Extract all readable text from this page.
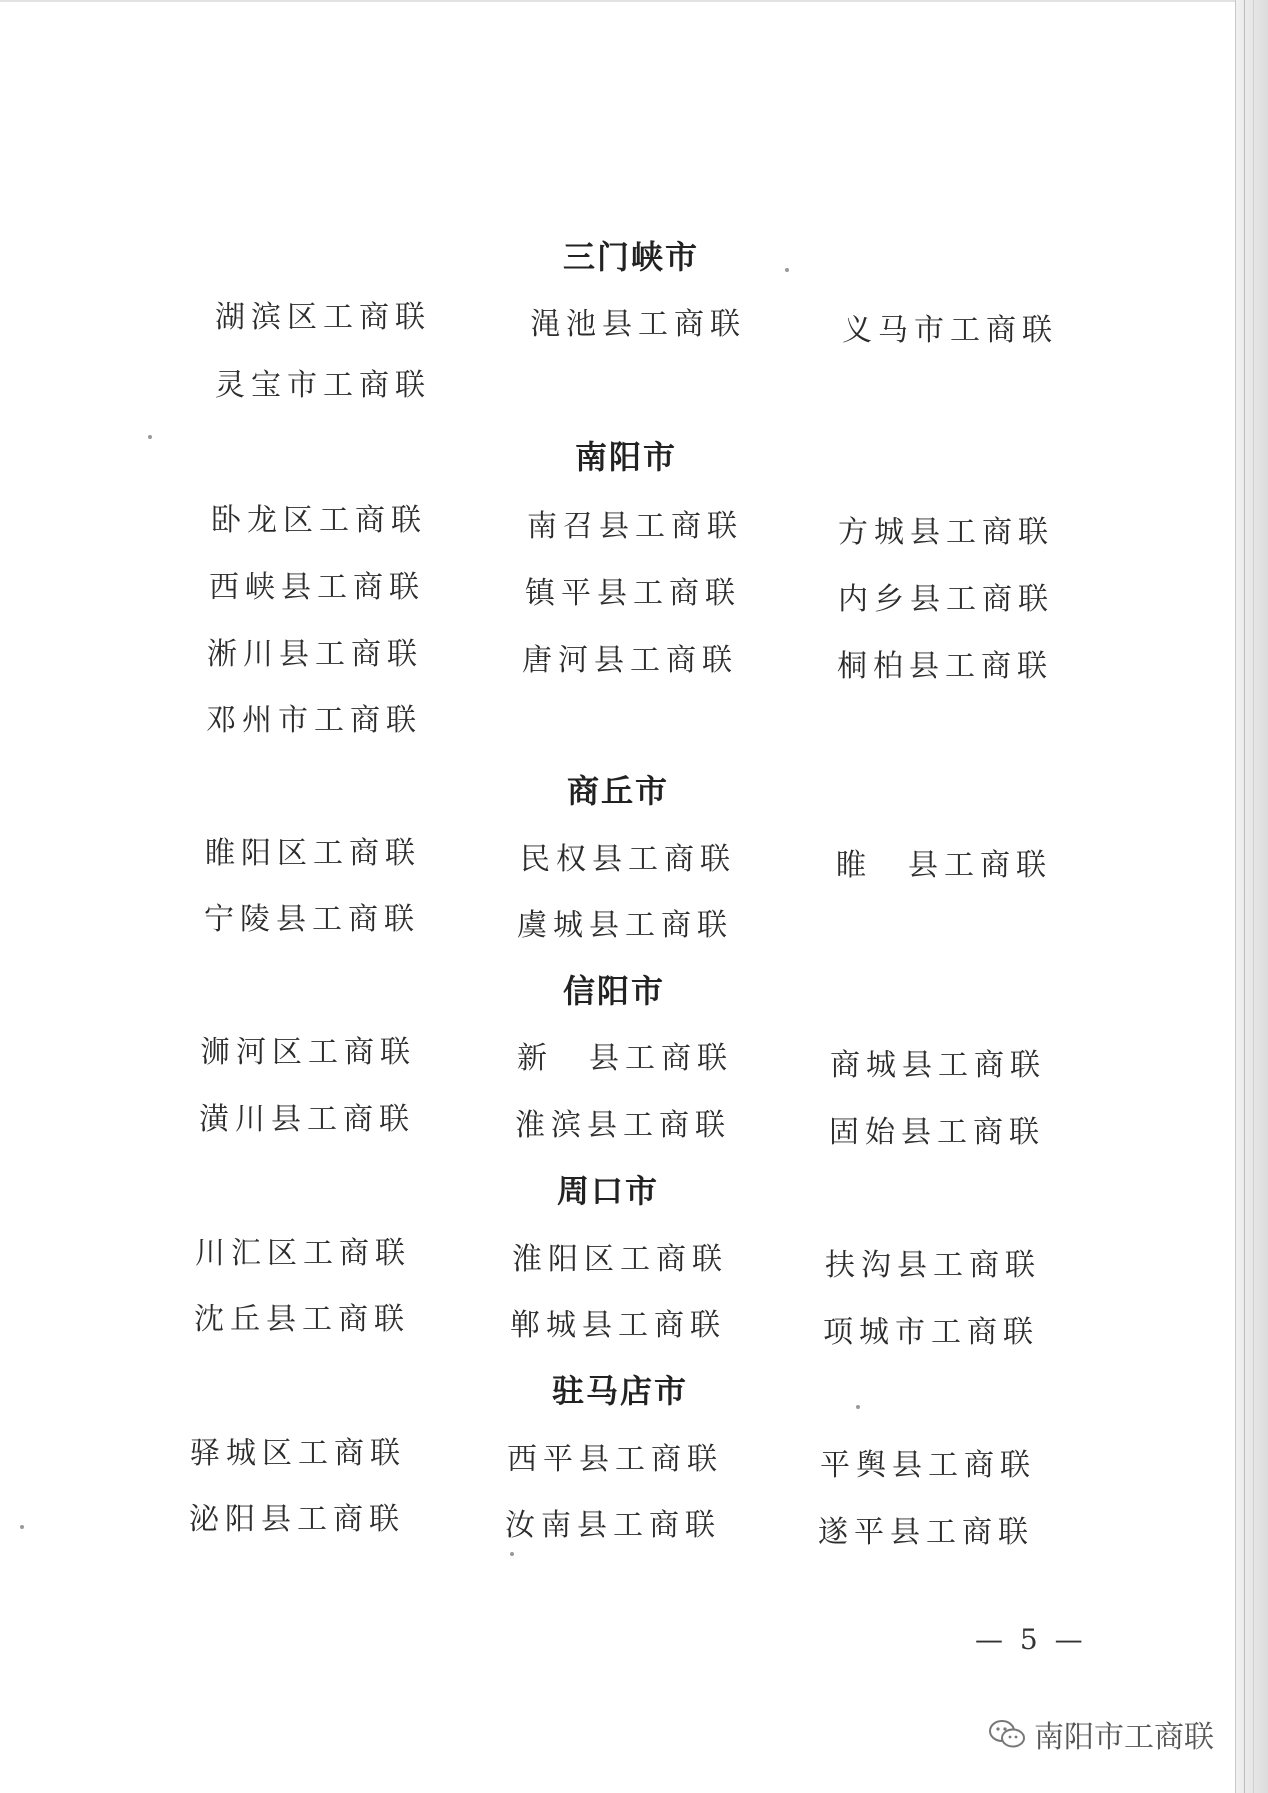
三门峡市
湖滨区工商联	渑池县工商联	义马市工商联
灵宝市工商联
南阳市
卧龙区工商联	南召县工商联	方城县工商联
西峡县工商联	镇平县工商联	内乡县工商联
淅川县工商联	唐河县工商联	桐柏县工商联
邓州市工商联
商丘市
睢阳区工商联	民权县工商联	睢　县工商联
宁陵县工商联	虞城县工商联
信阳市
浉河区工商联	新　县工商联	商城县工商联
潢川县工商联	淮滨县工商联	固始县工商联
周口市
川汇区工商联	淮阳区工商联	扶沟县工商联
沈丘县工商联	郸城县工商联	项城市工商联
驻马店市
驿城区工商联	西平县工商联	平舆县工商联
泌阳县工商联	汝南县工商联	遂平县工商联
— 5 —
南阳市工商联
